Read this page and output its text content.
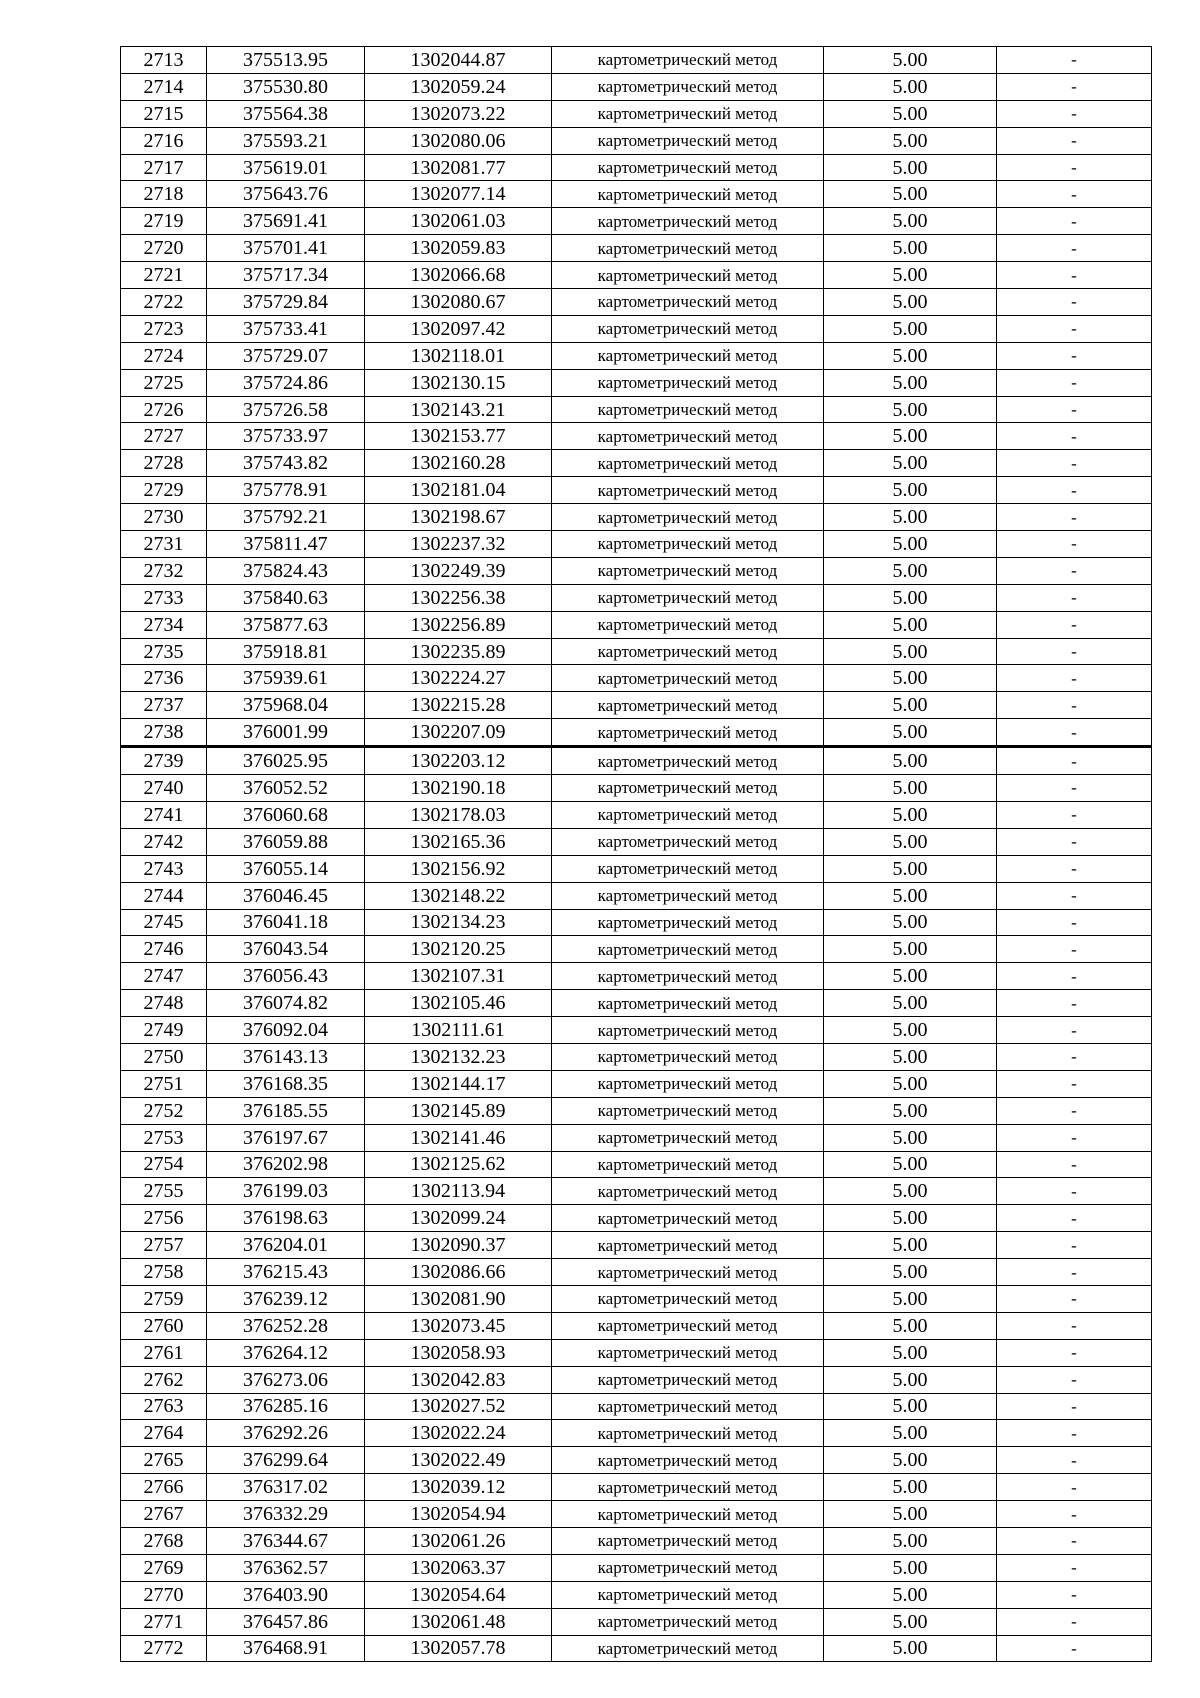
2713	375513.95	1302044.87	картометрический метод	5.00	-
2714	375530.80	1302059.24	картометрический метод	5.00	-
2715	375564.38	1302073.22	картометрический метод	5.00	-
2716	375593.21	1302080.06	картометрический метод	5.00	-
2717	375619.01	1302081.77	картометрический метод	5.00	-
2718	375643.76	1302077.14	картометрический метод	5.00	-
2719	375691.41	1302061.03	картометрический метод	5.00	-
2720	375701.41	1302059.83	картометрический метод	5.00	-
2721	375717.34	1302066.68	картометрический метод	5.00	-
2722	375729.84	1302080.67	картометрический метод	5.00	-
2723	375733.41	1302097.42	картометрический метод	5.00	-
2724	375729.07	1302118.01	картометрический метод	5.00	-
2725	375724.86	1302130.15	картометрический метод	5.00	-
2726	375726.58	1302143.21	картометрический метод	5.00	-
2727	375733.97	1302153.77	картометрический метод	5.00	-
2728	375743.82	1302160.28	картометрический метод	5.00	-
2729	375778.91	1302181.04	картометрический метод	5.00	-
2730	375792.21	1302198.67	картометрический метод	5.00	-
2731	375811.47	1302237.32	картометрический метод	5.00	-
2732	375824.43	1302249.39	картометрический метод	5.00	-
2733	375840.63	1302256.38	картометрический метод	5.00	-
2734	375877.63	1302256.89	картометрический метод	5.00	-
2735	375918.81	1302235.89	картометрический метод	5.00	-
2736	375939.61	1302224.27	картометрический метод	5.00	-
2737	375968.04	1302215.28	картометрический метод	5.00	-
2738	376001.99	1302207.09	картометрический метод	5.00	-
2739	376025.95	1302203.12	картометрический метод	5.00	-
2740	376052.52	1302190.18	картометрический метод	5.00	-
2741	376060.68	1302178.03	картометрический метод	5.00	-
2742	376059.88	1302165.36	картометрический метод	5.00	-
2743	376055.14	1302156.92	картометрический метод	5.00	-
2744	376046.45	1302148.22	картометрический метод	5.00	-
2745	376041.18	1302134.23	картометрический метод	5.00	-
2746	376043.54	1302120.25	картометрический метод	5.00	-
2747	376056.43	1302107.31	картометрический метод	5.00	-
2748	376074.82	1302105.46	картометрический метод	5.00	-
2749	376092.04	1302111.61	картометрический метод	5.00	-
2750	376143.13	1302132.23	картометрический метод	5.00	-
2751	376168.35	1302144.17	картометрический метод	5.00	-
2752	376185.55	1302145.89	картометрический метод	5.00	-
2753	376197.67	1302141.46	картометрический метод	5.00	-
2754	376202.98	1302125.62	картометрический метод	5.00	-
2755	376199.03	1302113.94	картометрический метод	5.00	-
2756	376198.63	1302099.24	картометрический метод	5.00	-
2757	376204.01	1302090.37	картометрический метод	5.00	-
2758	376215.43	1302086.66	картометрический метод	5.00	-
2759	376239.12	1302081.90	картометрический метод	5.00	-
2760	376252.28	1302073.45	картометрический метод	5.00	-
2761	376264.12	1302058.93	картометрический метод	5.00	-
2762	376273.06	1302042.83	картометрический метод	5.00	-
2763	376285.16	1302027.52	картометрический метод	5.00	-
2764	376292.26	1302022.24	картометрический метод	5.00	-
2765	376299.64	1302022.49	картометрический метод	5.00	-
2766	376317.02	1302039.12	картометрический метод	5.00	-
2767	376332.29	1302054.94	картометрический метод	5.00	-
2768	376344.67	1302061.26	картометрический метод	5.00	-
2769	376362.57	1302063.37	картометрический метод	5.00	-
2770	376403.90	1302054.64	картометрический метод	5.00	-
2771	376457.86	1302061.48	картометрический метод	5.00	-
2772	376468.91	1302057.78	картометрический метод	5.00	-
